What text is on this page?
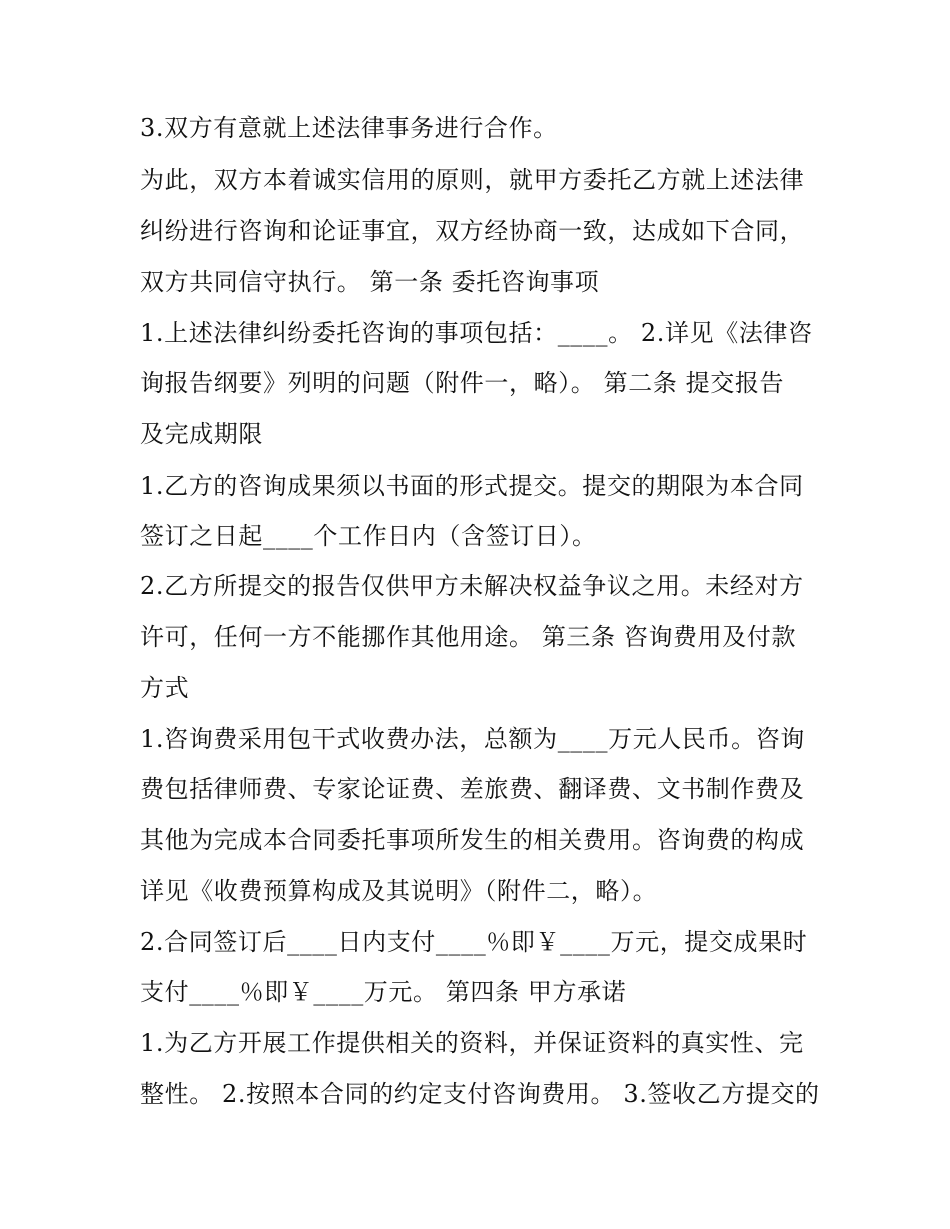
3.双方有意就上述法律事务进行合作。
为此，双方本着诚实信用的原则，就甲方委托乙方就上述法律
纠纷进行咨询和论证事宜，双方经协商一致，达成如下合同，
双方共同信守执行。 第一条 委托咨询事项
1.上述法律纠纷委托咨询的事项包括：____。 2.详见《法律咨
询报告纲要》列明的问题（附件一，略）。 第二条 提交报告
及完成期限
1.乙方的咨询成果须以书面的形式提交。提交的期限为本合同
签订之日起____个工作日内（含签订日）。
2.乙方所提交的报告仅供甲方未解决权益争议之用。未经对方
许可，任何一方不能挪作其他用途。 第三条 咨询费用及付款
方式
1.咨询费采用包干式收费办法，总额为____万元人民币。咨询
费包括律师费、专家论证费、差旅费、翻译费、文书制作费及
其他为完成本合同委托事项所发生的相关费用。咨询费的构成
详见《收费预算构成及其说明》（附件二，略）。
2.合同签订后____日内支付____％即￥____万元，提交成果时
支付____％即￥____万元。 第四条 甲方承诺
1.为乙方开展工作提供相关的资料，并保证资料的真实性、完
整性。 2.按照本合同的约定支付咨询费用。 3.签收乙方提交的
